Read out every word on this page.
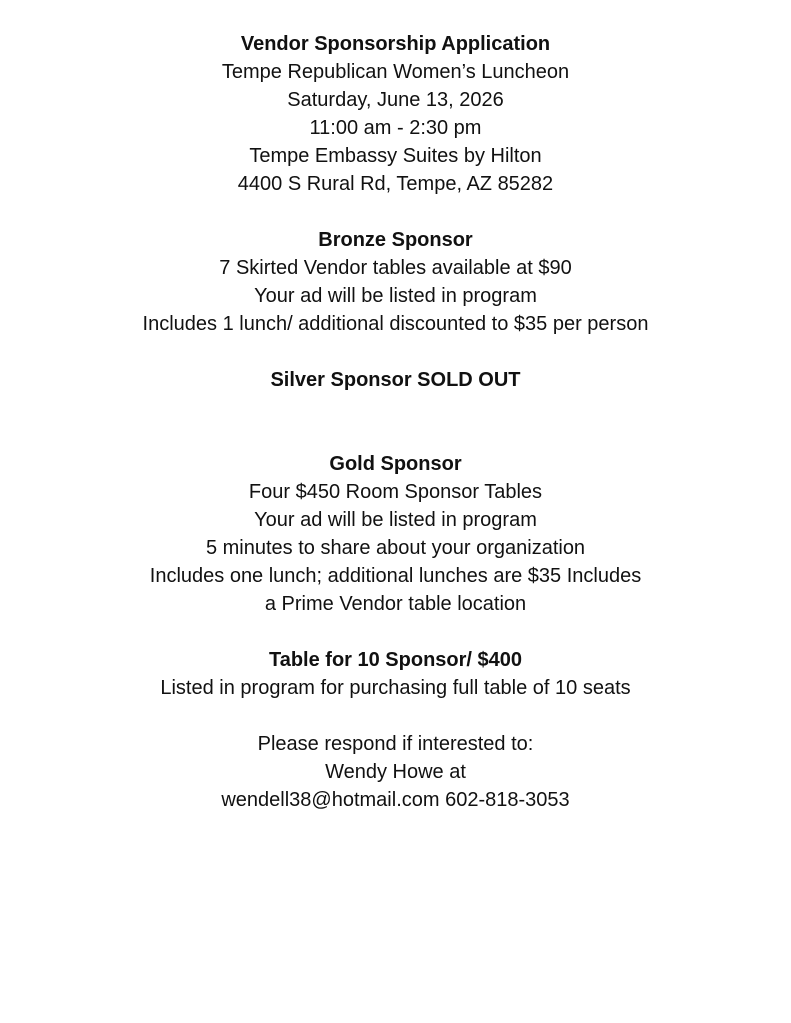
Vendor Sponsorship Application
Tempe Republican Women’s Luncheon
Saturday, June 13, 2026
11:00 am - 2:30 pm
Tempe Embassy Suites by Hilton
4400 S Rural Rd, Tempe, AZ 85282
Bronze Sponsor
7 Skirted Vendor tables available at $90
Your ad will be listed in program
Includes 1 lunch/ additional discounted to $35 per person
Silver Sponsor SOLD OUT
Gold Sponsor
Four $450 Room Sponsor Tables
Your ad will be listed in program
5 minutes to share about your organization
Includes one lunch; additional lunches are $35 Includes
a Prime Vendor table location
Table for 10 Sponsor/ $400
Listed in program for purchasing full table of 10 seats
Please respond if interested to:
Wendy Howe at
wendell38@hotmail.com 602-818-3053
